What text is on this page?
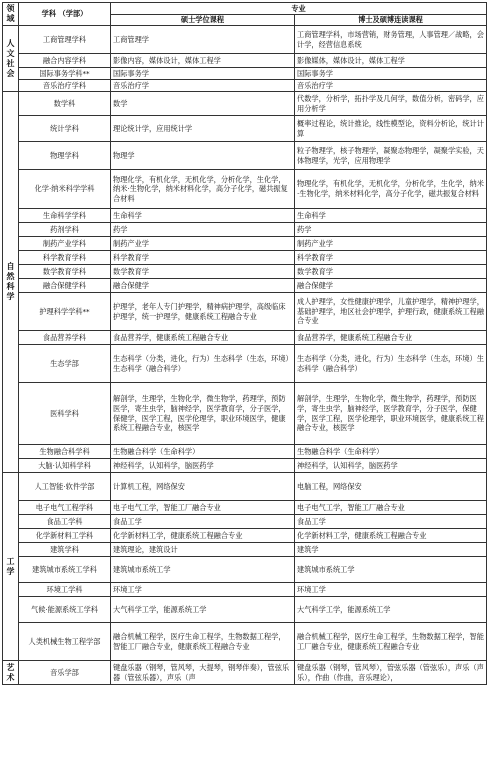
领域	学科 （学部）	专业	
		硕士学位课程	博士及硕博连读课程

人
文
社
会	工商管理学科	工商管理学	工商管理学科，市场营销，财务管理，人事管理／战略，会计学，经营信息系统
	融合内容学科	影像内容，媒体设计，媒体工程学	影像媒体，媒体设计，媒体工程学
	国际事务学科**	国际事务学	国际事务学
	音乐治疗学科	音乐治疗学	音乐治疗学

自
然
科
学	数学科	数学	代数学，分析学，拓扑学及几何学，数值分析，密码学，应用分析学
	统计学科	理论统计学，应用统计学	概率过程论，统计推论，线性模型论，资料分析论，统计计算
	物理学科	物理学	粒子物理学，核子物理学，凝聚态物理学，凝聚学实验，天体物理学，光学，应用物理学
	化学·纳米科学学科	物理化学，有机化学，无机化学，分析化学，生化学，纳米·生物化学，纳米材料化学，高分子化学，磁共振复合材料	物理化学，有机化学，无机化学，分析化学，生化学，纳米·生物化学，纳米材料化学，高分子化学，磁共振复合材料
	生命科学学科	生命科学	生命科学
	药剂学科	药学	药学
	制药产业学科	制药产业学	制药产业学
	科学教育学科	科学教育学	科学教育学
	数学教育学科	数学教育学	数学教育学
	融合保健学科	融合保健学	融合保健学
	护理科学学科**	护理学，老年人专门护理学，精神病护理学，高级临床护理学，统一护理学，健康系统工程融合专业	成人护理学，女性健康护理学，儿童护理学，精神护理学，基础护理学，地区社会护理学，护理行政，健康系统工程融合专业
	食品营养学科	食品营养学，健康系统工程融合专业	食品营养学，健康系统工程融合专业
	生态学部	生态科学（分类，进化，行为）生态科学（生态，环境）生态科学（融合科学）	生态科学（分类，进化，行为）生态科学（生态，环境）生态科学（融合科学）
	医科学科	解剖学，生理学，生物化学，微生物学，药理学，预防医学，寄生虫学，脑神经学，医学教育学，分子医学，保健学，医学工程，医学伦理学，职业环境医学，健康系统工程融合专业，核医学	解剖学，生理学，生物化学，微生物学，药理学，预防医学，寄生虫学，脑神经学，医学教育学，分子医学，保健学，医学工程，医学伦理学，职业环境医学，健康系统工程融合专业，核医学
	生物融合科学科	生物融合科学（生命科学）	生物融合科学（生命科学）
	大脑·认知科学科	神经科学，认知科学，脑医药学	神经科学，认知科学，脑医药学

工
学	人工智能·软件学部	计算机工程，网络保安	电脑工程，网络保安
	电子电气工程学科	电子电气工学，智能工厂融合专业	电子电气工学，智能工厂融合专业
	食品工学科	食品工学	食品工学
	化学新材料工学科	化学新材料工学，健康系统工程融合专业	化学新材料工学，健康系统工程融合专业
	建筑学科	建筑理论，建筑设计	建筑学
	建筑城市系统工学科	建筑城市系统工学	建筑城市系统工学
	环境工学科	环境工学	环境工学
	气候·能源系统工学科	大气科学工学，能源系统工学	大气科学工学，能源系统工学
	人类机械生物工程学部	融合机械工程学，医疗生命工程学，生物数据工程学，智能工厂融合专业，健康系统工程融合专业	融合机械工程学，医疗生命工程学，生物数据工程学，智能工厂融合专业，健康系统工程融合专业

艺
术	音乐学部	键盘乐器（钢琴，管风琴，大提琴，钢琴伴奏），管弦乐器（管弦乐器），声乐（声	键盘乐器（钢琴，管风琴），管弦乐器（管弦乐），声乐（声乐），作曲（作曲，音乐理论），
